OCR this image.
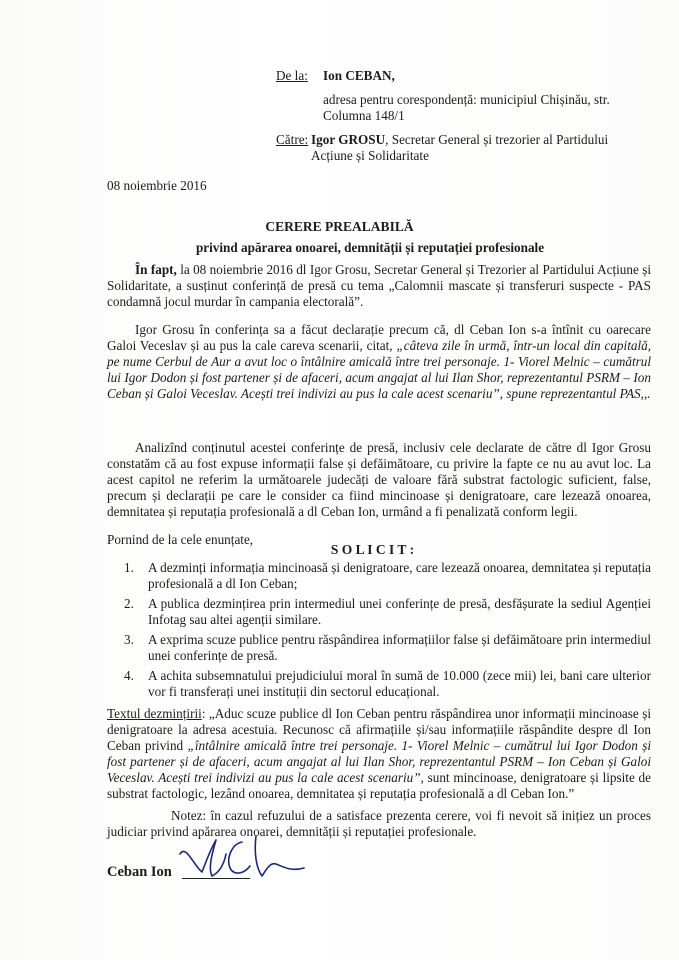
De la: Ion CEBAN,
adresa pentru corespondență: municipiul Chișinău, str.
Columna 148/1
Către: Igor GROSU, Secretar General și trezorier al Partidului
Acțiune și Solidaritate
08 noiembrie 2016
CERERE PREALABILĂ
privind apărarea onoarei, demnității și reputației profesionale
În fapt, la 08 noiembrie 2016 dl Igor Grosu, Secretar General și Trezorier al Partidului Acțiune și Solidaritate, a susținut conferință de presă cu tema „Calomnii mascate și transferuri suspecte - PAS condamnă jocul murdar în campania electorală”.
Igor Grosu în conferința sa a făcut declarație precum că, dl Ceban Ion s-a întînit cu oarecare Galoi Veceslav și au pus la cale careva scenarii, citat, „câteva zile în urmă, într-un local din capitală, pe nume Cerbul de Aur a avut loc o întâlnire amicală între trei personaje. 1- Viorel Melnic – cumătrul lui Igor Dodon și fost partener și de afaceri, acum angajat al lui Ilan Shor, reprezentantul PSRM – Ion Ceban și Galoi Veceslav. Acești trei indivizi au pus la cale acest scenariu”, spune reprezentantul PAS,,.
Analizînd conținutul acestei conferințe de presă, inclusiv cele declarate de către dl Igor Grosu constatăm că au fost expuse informații false și defăimătoare, cu privire la fapte ce nu au avut loc. La acest capitol ne referim la următoarele judecăți de valoare fără substrat factologic suficient, false, precum și declarații pe care le consider ca fiind mincinoase și denigratoare, care lezează onoarea, demnitatea și reputația profesională a dl Ceban Ion, urmând a fi penalizată conform legii.
Pornind de la cele enunțate,
S O L I C I T :
1. A dezminți informația mincinoasă și denigratoare, care lezează onoarea, demnitatea și reputația profesională a dl Ion Ceban;
2. A publica dezmințirea prin intermediul unei conferințe de presă, desfășurate la sediul Agenției Infotag sau altei agenții similare.
3. A exprima scuze publice pentru răspândirea informațiilor false și defăimătoare prin intermediul unei conferințe de presă.
4. A achita subsemnatului prejudiciului moral în sumă de 10.000 (zece mii) lei, bani care ulterior vor fi transferați unei instituții din sectorul educațional.
Textul dezmințirii: „Aduc scuze publice dl Ion Ceban pentru răspândirea unor informații mincinoase și denigratoare la adresa acestuia. Recunosc că afirmațiile și/sau informațiile răspândite despre dl Ion Ceban privind „întâlnire amicală între trei personaje. 1- Viorel Melnic – cumătrul lui Igor Dodon și fost partener și de afaceri, acum angajat al lui Ilan Shor, reprezentantul PSRM – Ion Ceban și Galoi Veceslav. Acești trei indivizi au pus la cale acest scenariu”, sunt mincinoase, denigratoare și lipsite de substrat factologic, lezând onoarea, demnitatea și reputația profesională a dl Ceban Ion.”
Notez: în cazul refuzului de a satisface prezenta cerere, voi fi nevoit să inițiez un proces judiciar privind apărarea onoarei, demnității și reputației profesionale.
Ceban Ion
